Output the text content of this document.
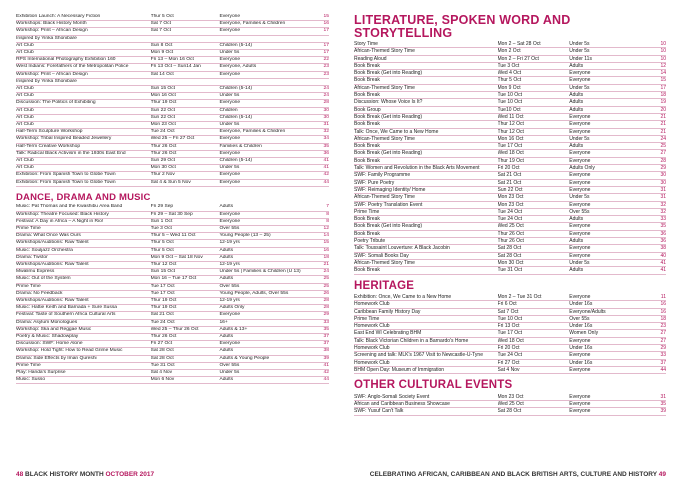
Exhibition Launch: A Necessary Fiction	Thur 5 Oct	Everyone	15
Workshops: Black History Month	Sat 7 Oct	Everyone, Families & Children	16
Workshop: Print – African Design	Sat 7 Oct	Everyone	17
Inspired by Yinka Shonibare			
Art Club	Sun 8 Oct	Children (5-14)	17
Art Club	Mon 9 Oct	Under 5s	17
RPS International Photography Exhibition 160	Fri 13 – Mon 16 Oct	Everyone	22
West Indians: Forefathers of the Metropolitan Police	Fri 13 Oct – Sun14 Jan	Everyone, Adults	23
Workshop: Print – African Design	Sat 14 Oct	Everyone	23
Inspired by Yinka Shonibare			
Art Club	Sun 15 Oct	Children (5-14)	24
Art Club	Mon 16 Oct	Under 5s	24
Discussion: The Politics of Exhibiting	Thur 19 Oct	Everyone	28
Art Club	Sun 22 Oct	Children	30
Art Club	Sun 22 Oct	Children (5-14)	30
Art Club	Mon 23 Oct	Under 5s	31
Half-Term Sculpture Workshop	Tue 24 Oct	Everyone, Families & Children	32
Workshop: Tribal Inspired Beaded Jewellery	Wed 25 – Fri 27 Oct	Everyone	34
Half-Term Creative Workshop	Thur 26 Oct	Families & Children	35
Talk: Radical Black Activism in the 1930s East End	Thur 26 Oct	Everyone	36
Art Club	Sun 29 Oct	Children (5-14)	41
Art Club	Mon 30 Oct	Under 5s	41
Exhibition: From Spanish Town to Globe Town	Thur 2 Nov	Everyone	42
Exhibition: From Spanish Town to Globe Town	Sat 4 & Sun 5 Nov	Everyone	44
DANCE, DRAMA AND MUSIC
Music: Pat Thomas and the Kwashibu Area Band	Fri 29 Sep	Adults	7
Workshop: Theatre Focused: Black History	Fri 29 – Sat 30 Sep	Everyone	8
Festival: A Day in Africa – A Night in Rio!	Sun 1 Oct	Everyone	8
Prime Time	Tue 3 Oct	Over 55s	12
Drama: What Once Was Ours	Thur 5 – Wed 11 Oct	Young People (13 – 25)	14
Workshops/Auditions: Raw Talent	Thur 5 Oct	12-19 yrs	15
Music: Souljazz Orchestra	Thur 5 Oct	Adults	16
Drama: Twstor	Mon 9 Oct – Sat 18 Nov	Adults	18
Workshops/Auditions: Raw Talent	Thur 12 Oct	12-19 yrs	21
Mwalimu Express	Sun 15 Oct	Under 5s | Families & Children (U 13)	24
Music: Out of the System	Mon 16 – Tue 17 Oct	Adults	25
Prime Time	Tue 17 Oct	Over 55s	25
Drama: No Feedback	Tue 17 Oct	Young People, Adults, Over 55s	26
Workshops/Auditions: Raw Talent	Thur 19 Oct	12-19 yrs	28
Music: Hattie Keith and Barnada + Sure Sussa	Thur 19 Oct	Adults Only	28
Festival: Taste of Southern Africa Cultural Arts	Sat 21 Oct	Everyone	29
Drama: Asylum Monologues	Tue 24 Oct	16+	33
Workshop: Ska and Reggae Music	Wed 25 – Thur 26 Oct	Adults & 13+	35
Poetry & Music: Shadowplay	Thur 26 Oct	Adults	37
Discussion: SWF: Home Alone	Fri 27 Oct	Everyone	37
Workshop: Hold Tight: How to Read Grime Music	Sat 28 Oct	Adults	38
Drama: Side Effects by Iman Qureshi	Sat 28 Oct	Adults & Young People	39
Prime Time	Tue 31 Oct	Over 55s	41
Play: Handa's Surprise	Sat 4 Nov	Under 5s	42
Music: Susso	Mon 6 Nov	Adults	44
LITERATURE, SPOKEN WORD AND STORYTELLING
Story Time	Mon 2 – Sat 28 Oct	Under 5s	10
African-Themed Story Time	Mon 2 Oct	Under 5s	10
Reading Aloud	Mon 2 – Fri 27 Oct	Under 11s	10
Book Break	Tue 3 Oct	Adults	12
Book Break (Get into Reading)	Wed 4 Oct	Everyone	14
Book Break	Thur 5 Oct	Everyone	15
African-Themed Story Time	Mon 9 Oct	Under 5s	17
Book Break	Tue 10 Oct	Adults	18
Discussion: Whose Voice Is It?	Tue 10 Oct	Adults	19
Book Group	Tue10 Oct	Adults	20
Book Break (Get into Reading)	Wed 11 Oct	Everyone	21
Book Break	Thur 12 Oct	Everyone	21
Talk: Once, We Came to a New Home	Thur 12 Oct	Everyone	21
African-Themed Story Time	Mon 16 Oct	Under 5s	24
Book Break	Tue 17 Oct	Adults	25
Book Break (Get into Reading)	Wed 18 Oct	Everyone	27
Book Break	Thur 19 Oct	Everyone	28
Talk: Women and Revolution in the Black Arts Movement	Fri 20 Oct	Adults Only	29
SWF: Family Programme	Sat 21 Oct	Everyone	30
SWF: Pure Poetry	Sat 21 Oct	Everyone	30
SWF: Reimaging Identity/ Home	Sun 22 Oct	Everyone	31
African-Themed Story Time	Mon 23 Oct	Under 5s	31
SWF: Poetry Translation Event	Mon 23 Oct	Everyone	32
Prime Time	Tue 24 Oct	Over 55s	32
Book Break	Tue 24 Oct	Adults	33
Book Break (Get into Reading)	Wed 25 Oct	Everyone	35
Book Break	Thur 26 Oct	Everyone	36
Poetry Tribute	Thur 26 Oct	Adults	36
Talk: Toussaint Louverture: A Black Jacobin	Sat 28 Oct	Everyone	38
SWF: Somali Books Day	Sat 28 Oct	Everyone	40
African-Themed Story Time	Mon 30 Oct	Under 5s	41
Book Break	Tue 31 Oct	Adults	41
HERITAGE
Exhibition: Once, We Came to a New Home	Mon 2 – Tue 31 Oct	Everyone	11
Homework Club	Fri 6 Oct	Under 16s	16
Caribbean Family History Day	Sat 7 Oct	Everyone/Adults	16
Prime Time	Tue 10 Oct	Over 55s	18
Homework Club	Fri 13 Oct	Under 16s	23
East End WI Celebrating BHM	Tue 17 Oct	Women Only	27
Talk: Black Victorian Children in a Barnardo's Home	Wed 18 Oct	Everyone	27
Homework Club	Fri 20 Oct	Under 16s	29
Screening and talk: MLK's 1967 Visit to Newcastle-U-Tyne	Tue 24 Oct	Everyone	33
Homework Club	Fri 27 Oct	Under 16s	37
BHM Open Day: Museum of Immigration	Sat 4 Nov	Everyone	44
OTHER CULTURAL EVENTS
SWF: Anglo-Somali Society Event	Mon 23 Oct	Everyone	31
African and Caribbean Business Showcase	Wed 25 Oct	Everyone	35
SWF: Yusuf Can't Talk	Sat 28 Oct	Everyone	39
48 BLACK HISTORY MONTH OCTOBER 2017	CELEBRATING AFRICAN, CARIBBEAN AND BLACK BRITISH ARTS, CULTURE AND HISTORY 49
